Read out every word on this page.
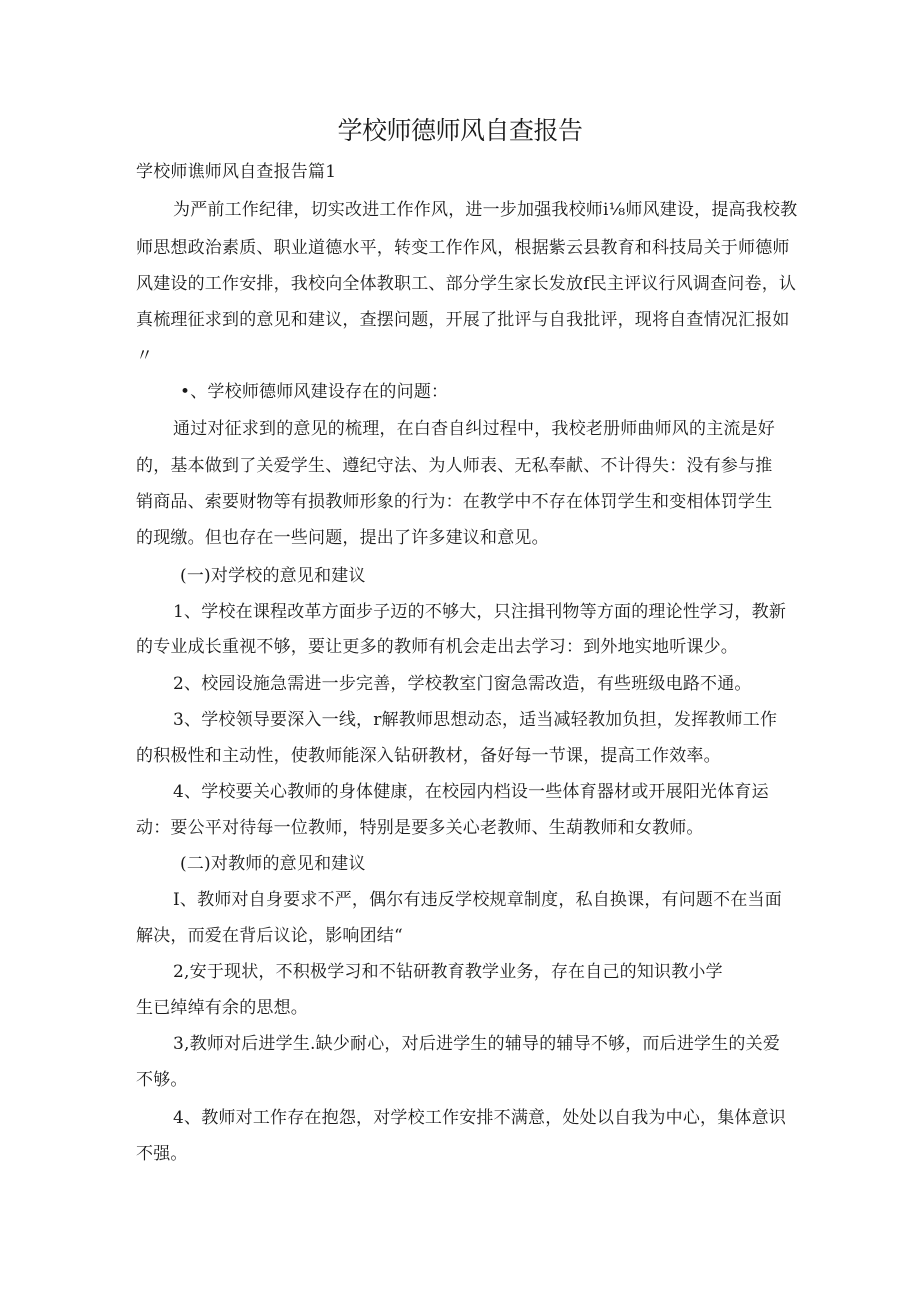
学校师德师风自查报告
学校师谯师风自查报告篇1
为严前工作纪律，切实改进工作作风，进一步加强我校师i⅛师风建设，提高我校教
师思想政治素质、职业道德水平，转变工作作风，根据紫云县教育和科技局关于师德师
风建设的工作安排，我校向全体教职工、部分学生家长发放f民主评议行风调查问卷，认
真梳理征求到的意见和建议，查摆问题，开展了批评与自我批评，现将自查情况汇报如
〃
•、学校师德师风建设存在的问题：
通过对征求到的意见的梳理，在白杳自纠过程中，我校老册师曲师风的主流是好
的，基本做到了关爱学生、遵纪守法、为人师表、无私奉献、不计得失：没有参与推
销商品、索要财物等有损教师形象的行为：在教学中不存在体罚学生和变相体罚学生
的现缴。但也存在一些问题，提出了许多建议和意见。
(一)对学校的意见和建议
1、学校在课程改革方面步子迈的不够大，只注揖刊物等方面的理论性学习，教新
的专业成长重视不够，要让更多的教师有机会走出去学习：到外地实地听课少。
2、校园设施急需进一步完善，学校教室门窗急需改造，有些班级电路不通。
3、学校领导要深入一线，r解教师思想动态，适当减轻教加负担，发挥教师工作
的积极性和主动性，使教师能深入钻研教材，备好每一节课，提高工作效率。
4、学校要关心教师的身体健康，在校园内档设一些体育器材或开展阳光体育运
动：要公平对待每一位教师，特别是要多关心老教师、生葫教师和女教师。
(二)对教师的意见和建议
I、教师对自身要求不严，偶尔有违反学校规章制度，私自换课，有问题不在当面
解决，而爱在背后议论，影响团结“
2,安于现状，不积极学习和不钻研教育教学业务，存在自己的知识教小学
生已绰绰有余的思想。
3,教师对后进学生.缺少耐心，对后进学生的辅导的辅导不够，而后进学生的关爱
不够。
4、教师对工作存在抱怨，对学校工作安排不满意，处处以自我为中心，集体意识
不强。
